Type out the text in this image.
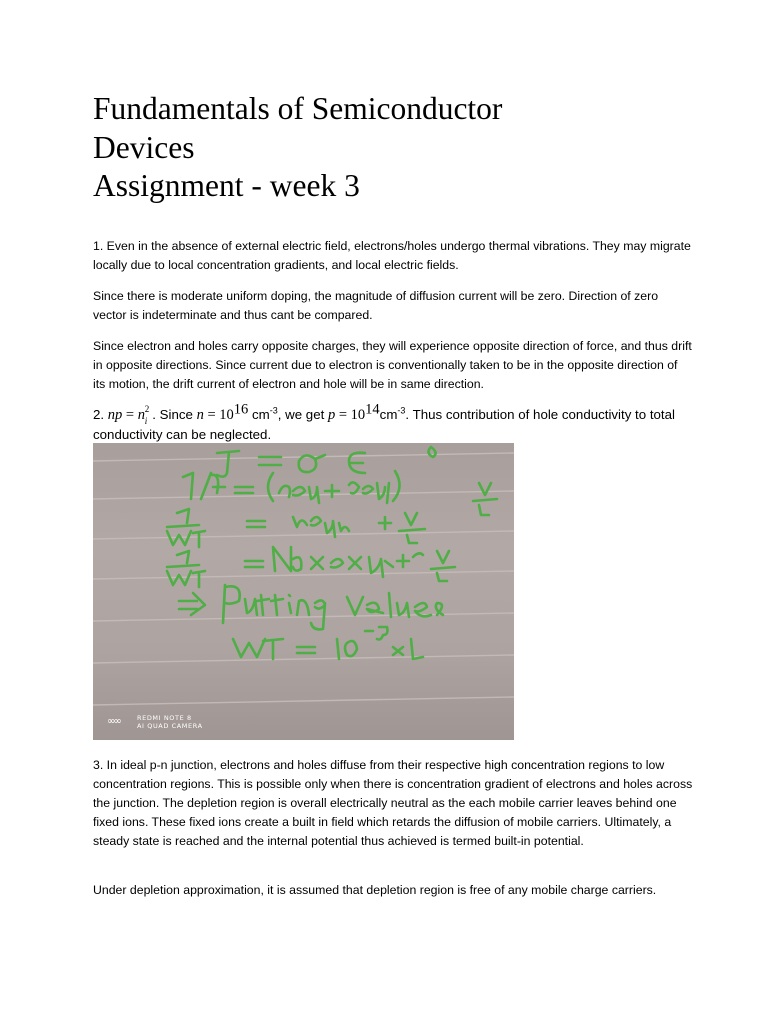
Fundamentals of Semiconductor
Devices
Assignment - week 3

1. Even in the absence of external electric field, electrons/holes undergo thermal vibrations. They may migrate locally due to local concentration gradients, and local electric fields.

Since there is moderate uniform doping, the magnitude of diffusion current will be zero. Direction of zero vector is indeterminate and thus cant be compared.

Since electron and holes carry opposite charges, they will experience opposite direction of force, and thus drift in opposite directions. Since current due to electron is conventionally taken to be in the opposite direction of its motion, the drift current of electron and hole will be in same direction.

2. np = n 2
i . Since $n = 10^{16}$ $cm^{-3}$, we get $p = 10^{14}cm^{-3}$. Thus contribution of hole conductivity to total conductivity can be neglected.

∞∞	REDMI NOTE 8
AI QUAD CAMERA

3. In ideal p-n junction, electrons and holes diffuse from their respective high concentration regions to low concentration regions. This is possible only when there is concentration gradient of electrons and holes across the junction. The depletion region is overall electrically neutral as the each mobile carrier leaves behind one fixed ions. These fixed ions create a built in field which retards the diffusion of mobile carriers. Ultimately, a steady state is reached and the internal potential thus achieved is termed built-in potential.

Under depletion approximation, it is assumed that depletion region is free of any mobile charge carriers.
